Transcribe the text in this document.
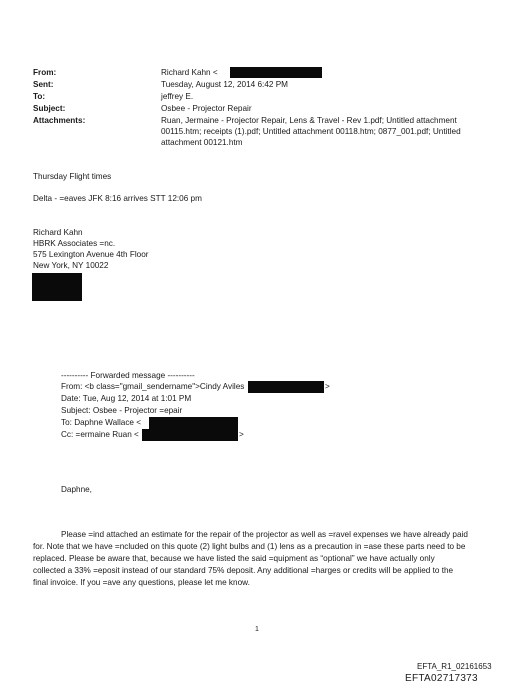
From:
Sent:
To:
Subject:
Attachments:
Richard Kahn <
Tuesday, August 12, 2014 6:42 PM
jeffrey E.
Osbee - Projector Repair
Ruan, Jermaine - Projector Repair, Lens & Travel - Rev 1.pdf; Untitled attachment
00115.htm; receipts (1).pdf; Untitled attachment 00118.htm; 0877_001.pdf; Untitled
attachment 00121.htm
Thursday Flight times
Delta - =eaves JFK 8:16 arrives STT 12:06 pm
Richard Kahn
HBRK Associates =nc.
575 Lexington Avenue 4th Floor
New York, NY 10022
---------- Forwarded message ----------
From: <b class="gmail_sendername">Cindy Aviles	>
Date: Tue, Aug 12, 2014 at 1:01 PM
Subject: Osbee - Projector =epair
To: Daphne Wallace <
Cc: =ermaine Ruan <	>
Daphne,
Please =ind attached an estimate for the repair of the projector as well as =ravel expenses we have already paid
for. Note that we have =ncluded on this quote (2) light bulbs and (1) lens as a precaution in =ase these parts need to be
replaced. Please be aware that, because we have listed the said =quipment as “optional” we have actually only
collected a 33% =eposit instead of our standard 75% deposit. Any additional =harges or credits will be applied to the
final invoice. If you =ave any questions, please let me know.
1
EFTA_R1_02161653
EFTA02717373
